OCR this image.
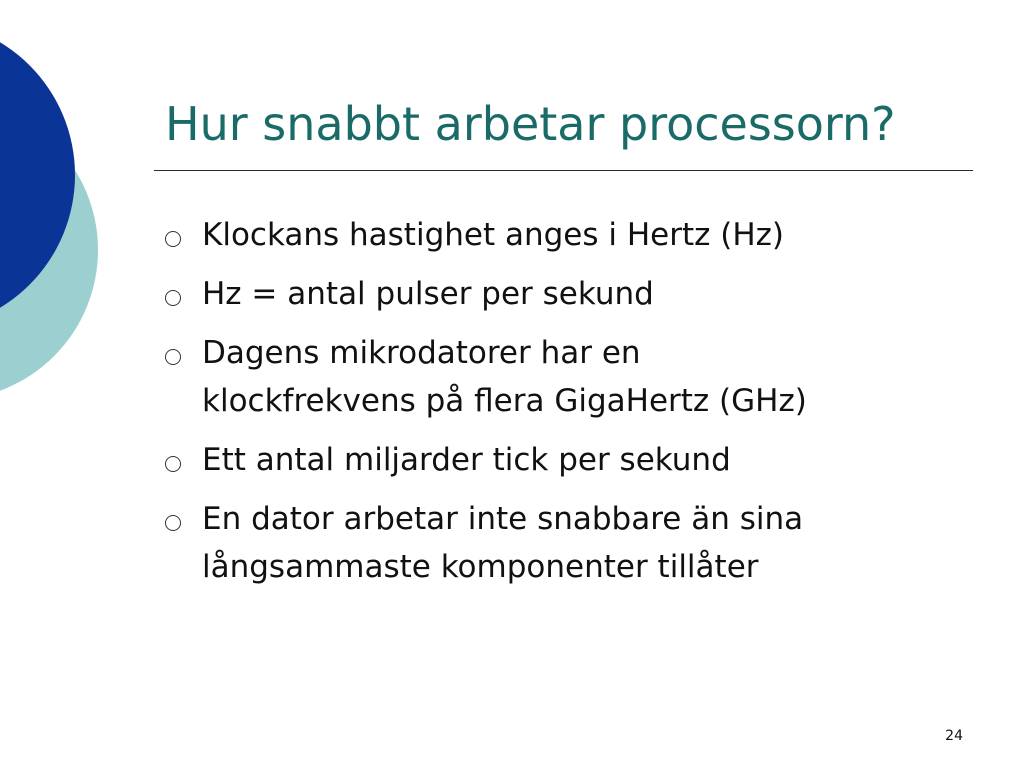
Hur snabbt arbetar processorn?
Klockans hastighet anges i Hertz (Hz)
Hz = antal pulser per sekund
Dagens mikrodatorer har en
klockfrekvens på flera GigaHertz (GHz)
Ett antal miljarder tick per sekund
En dator arbetar inte snabbare än sina
långsammaste komponenter tillåter
24
